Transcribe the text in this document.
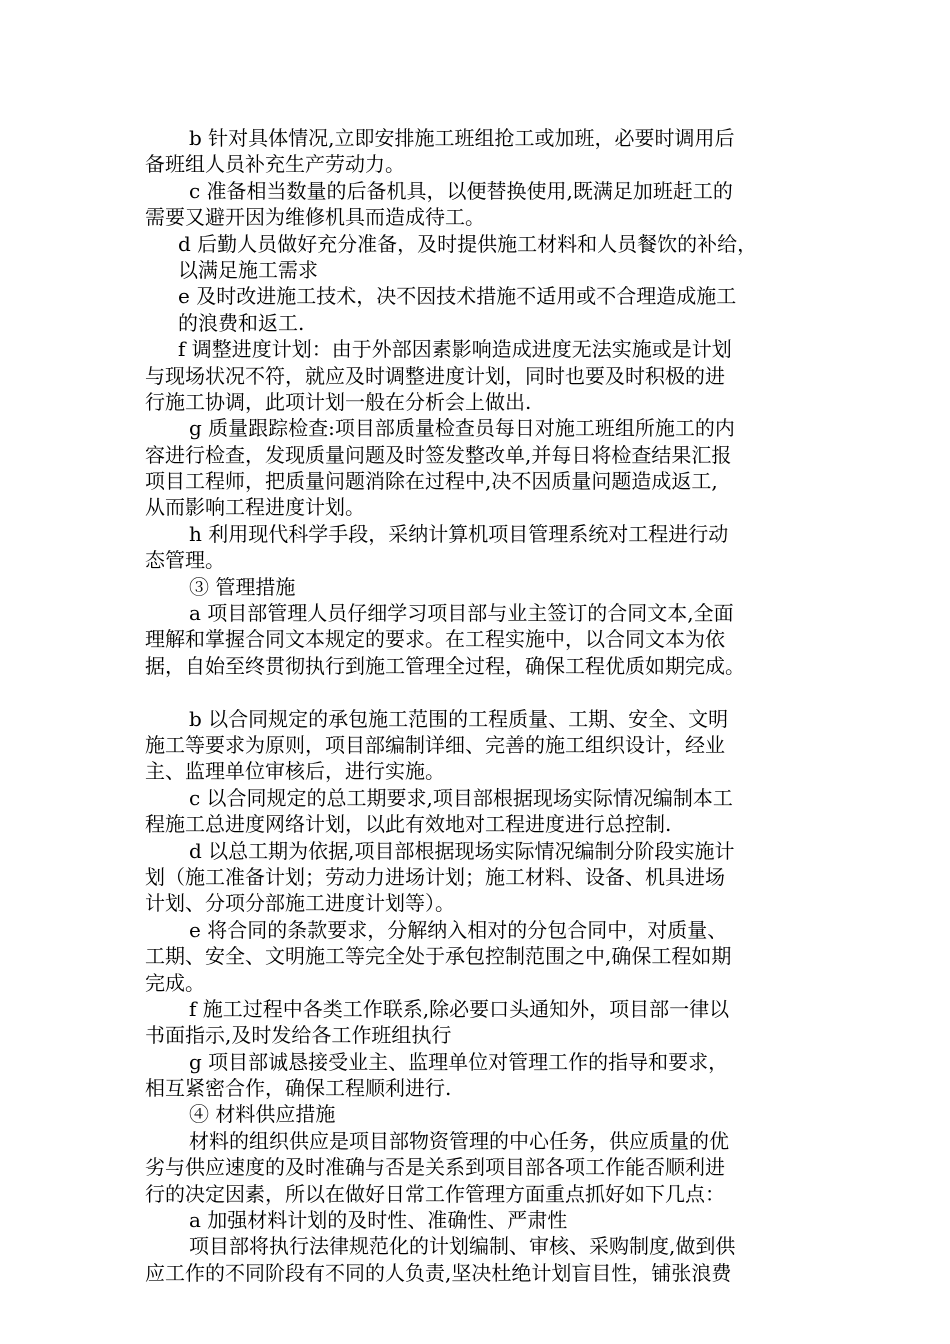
b 针对具体情况,立即安排施工班组抢工或加班，必要时调用后
备班组人员补充生产劳动力。
c 准备相当数量的后备机具，以便替换使用,既满足加班赶工的
需要又避开因为维修机具而造成待工。
d 后勤人员做好充分准备，及时提供施工材料和人员餐饮的补给，
以满足施工需求
e 及时改进施工技术，决不因技术措施不适用或不合理造成施工
的浪费和返工.
f 调整进度计划：由于外部因素影响造成进度无法实施或是计划
与现场状况不符，就应及时调整进度计划，同时也要及时积极的进
行施工协调，此项计划一般在分析会上做出.
g 质量跟踪检查:项目部质量检查员每日对施工班组所施工的内
容进行检查，发现质量问题及时签发整改单,并每日将检查结果汇报
项目工程师，把质量问题消除在过程中,决不因质量问题造成返工,
从而影响工程进度计划。
h 利用现代科学手段，采纳计算机项目管理系统对工程进行动
态管理。
③ 管理措施
a 项目部管理人员仔细学习项目部与业主签订的合同文本,全面
理解和掌握合同文本规定的要求。在工程实施中，以合同文本为依
据，自始至终贯彻执行到施工管理全过程，确保工程优质如期完成。
b 以合同规定的承包施工范围的工程质量、工期、安全、文明
施工等要求为原则，项目部编制详细、完善的施工组织设计，经业
主、监理单位审核后，进行实施。
c 以合同规定的总工期要求,项目部根据现场实际情况编制本工
程施工总进度网络计划，以此有效地对工程进度进行总控制.
d 以总工期为依据,项目部根据现场实际情况编制分阶段实施计
划（施工准备计划；劳动力进场计划；施工材料、设备、机具进场
计划、分项分部施工进度计划等）。
e 将合同的条款要求，分解纳入相对的分包合同中，对质量、
工期、安全、文明施工等完全处于承包控制范围之中,确保工程如期
完成。
f 施工过程中各类工作联系,除必要口头通知外，项目部一律以
书面指示,及时发给各工作班组执行
g 项目部诚恳接受业主、监理单位对管理工作的指导和要求，
相互紧密合作，确保工程顺利进行.
④ 材料供应措施
材料的组织供应是项目部物资管理的中心任务，供应质量的优
劣与供应速度的及时准确与否是关系到项目部各项工作能否顺利进
行的决定因素，所以在做好日常工作管理方面重点抓好如下几点：
a 加强材料计划的及时性、准确性、严肃性
项目部将执行法律规范化的计划编制、审核、采购制度,做到供
应工作的不同阶段有不同的人负责,坚决杜绝计划盲目性，铺张浪费
